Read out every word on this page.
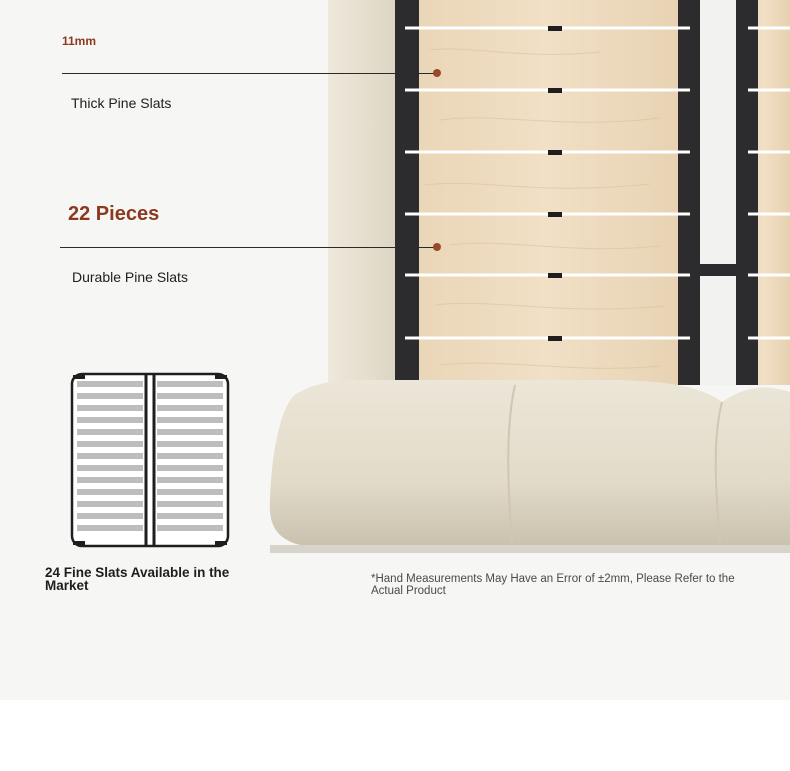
11mm
Thick Pine Slats
22 Pieces
Durable Pine Slats
24 Fine Slats Available in the Market	*Hand Measurements May Have an Error of ±2mm, Please Refer to the Actual Product
